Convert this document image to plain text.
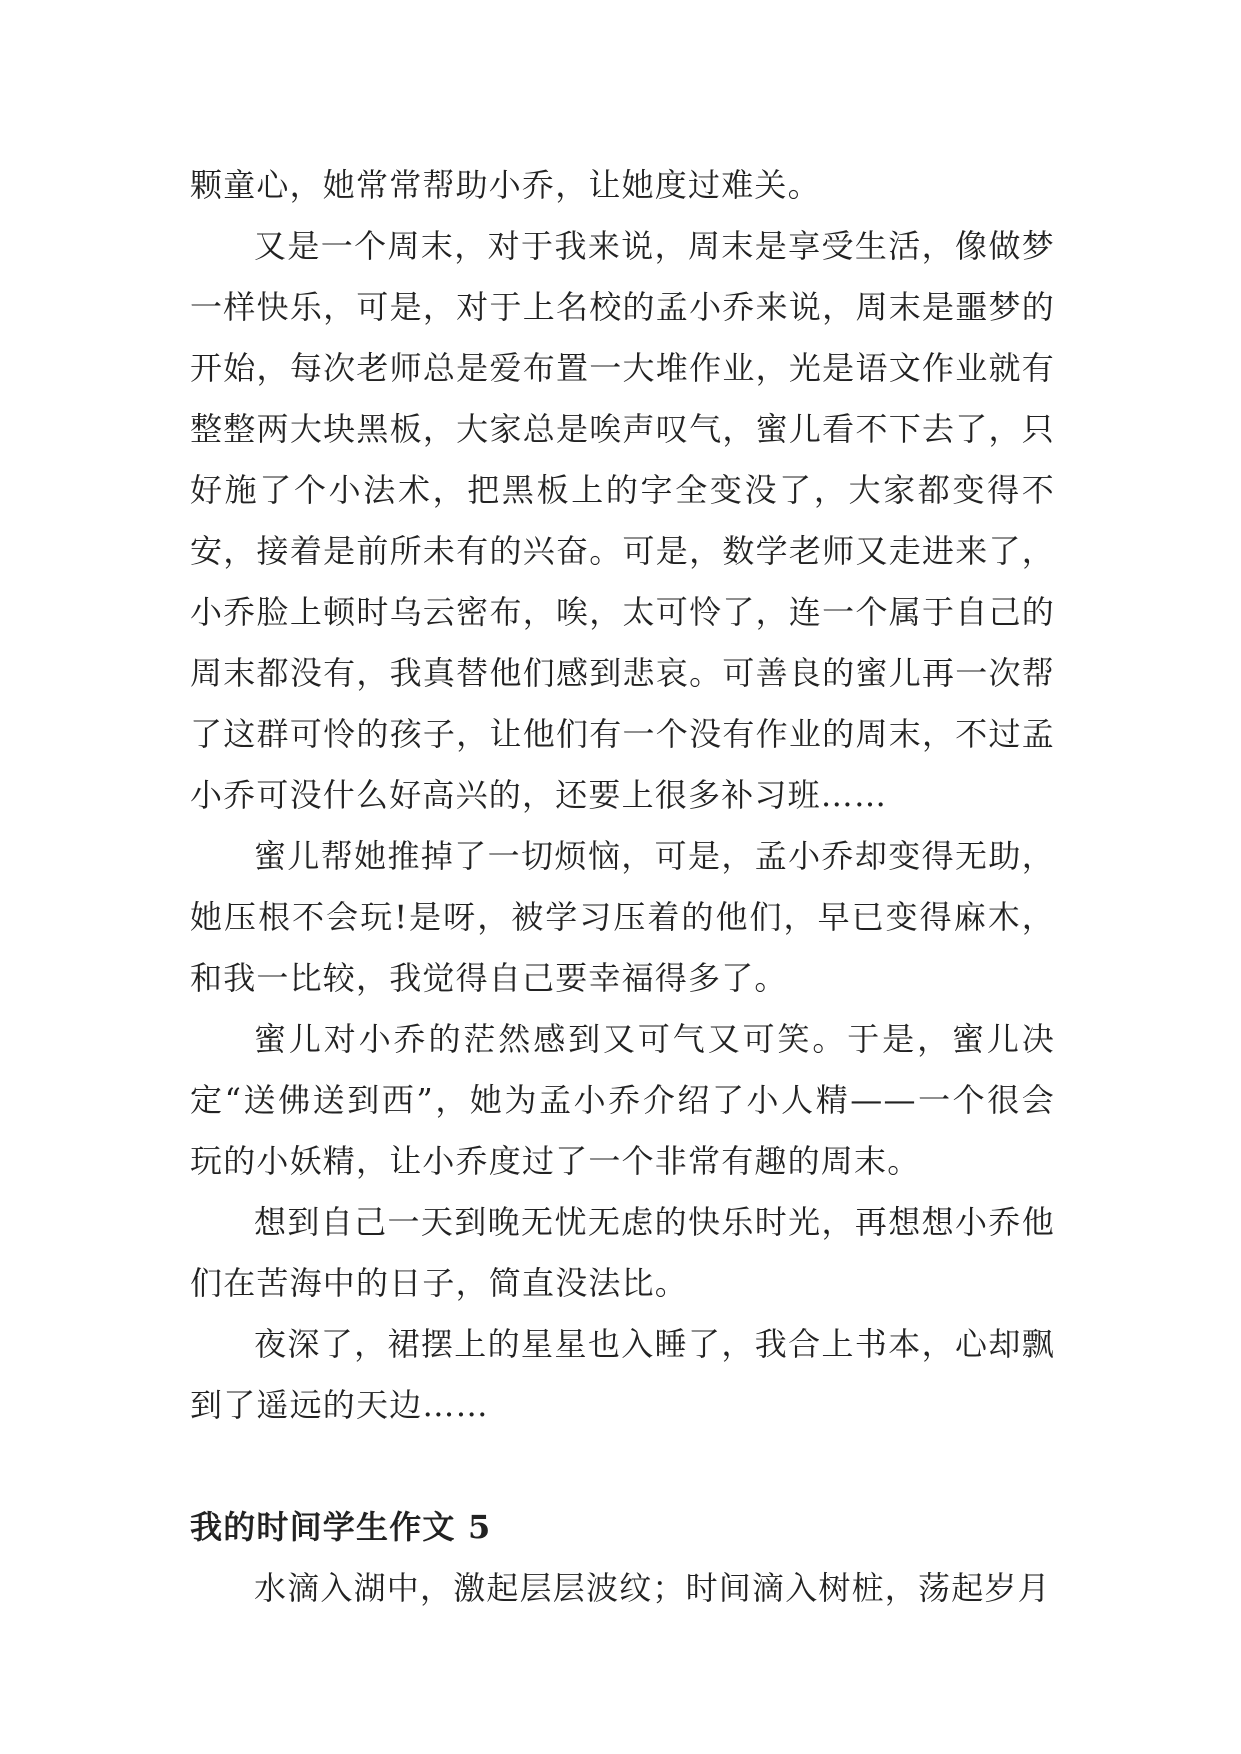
颗童心，她常常帮助小乔，让她度过难关。

又是一个周末，对于我来说，周末是享受生活，像做梦一样快乐，可是，对于上名校的孟小乔来说，周末是噩梦的开始，每次老师总是爱布置一大堆作业，光是语文作业就有整整两大块黑板，大家总是唉声叹气，蜜儿看不下去了，只好施了个小法术，把黑板上的字全变没了，大家都变得不安，接着是前所未有的兴奋。可是，数学老师又走进来了，小乔脸上顿时乌云密布，唉，太可怜了，连一个属于自己的周末都没有，我真替他们感到悲哀。可善良的蜜儿再一次帮了这群可怜的孩子，让他们有一个没有作业的周末，不过孟小乔可没什么好高兴的，还要上很多补习班……

蜜儿帮她推掉了一切烦恼，可是，孟小乔却变得无助，她压根不会玩!是呀，被学习压着的他们，早已变得麻木，和我一比较，我觉得自己要幸福得多了。

蜜儿对小乔的茫然感到又可气又可笑。于是，蜜儿决定“送佛送到西”，她为孟小乔介绍了小人精——一个很会玩的小妖精，让小乔度过了一个非常有趣的周末。

想到自己一天到晚无忧无虑的快乐时光，再想想小乔他们在苦海中的日子，简直没法比。

夜深了，裙摆上的星星也入睡了，我合上书本，心却飘到了遥远的天边……

我的时间学生作文 5

水滴入湖中，激起层层波纹；时间滴入树桩，荡起岁月
